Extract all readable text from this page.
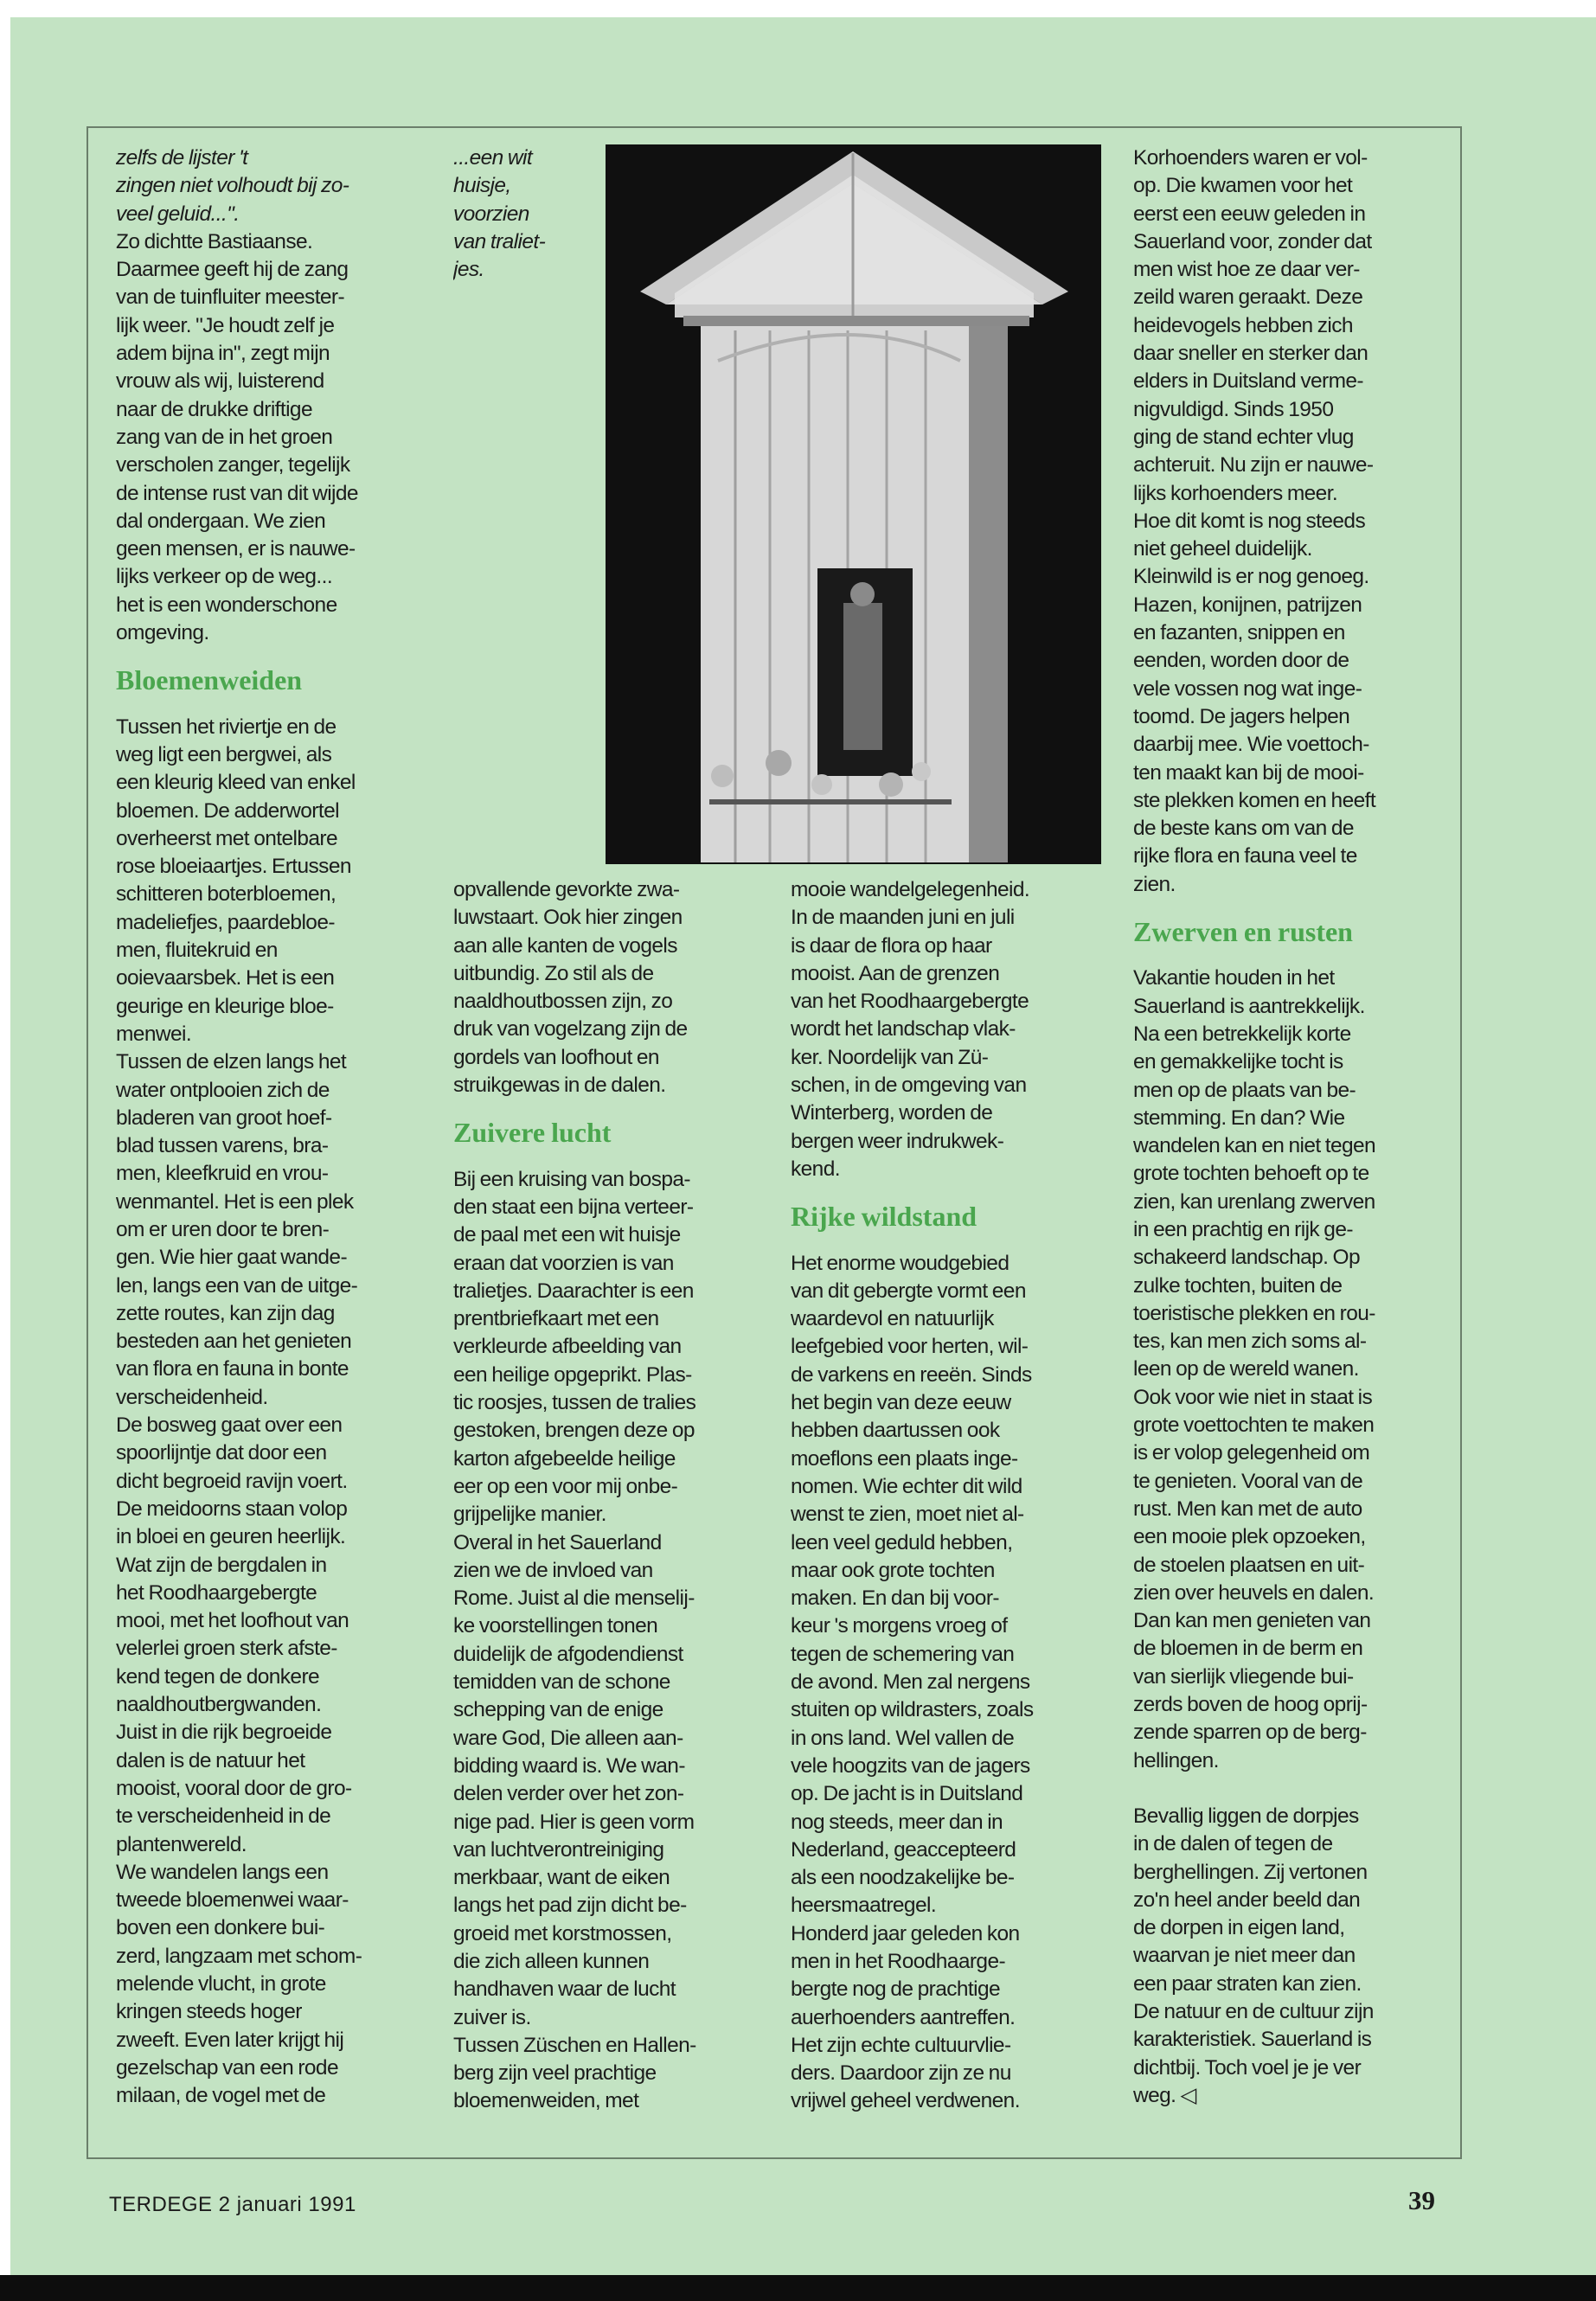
zelfs de lijster 't

zingen niet volhoudt bij zo-

veel geluid...".

Zo dichtte Bastiaanse.

Daarmee geeft hij de zang

van de tuinfluiter meester-

lijk weer. "Je houdt zelf je

adem bijna in", zegt mijn

vrouw als wij, luisterend

naar de drukke driftige

zang van de in het groen

verscholen zanger, tegelijk

de intense rust van dit wijde

dal ondergaan. We zien

geen mensen, er is nauwe-

lijks verkeer op de weg...

het is een wonderschone

omgeving.

Bloemenweiden

Tussen het riviertje en de

weg ligt een bergwei, als

een kleurig kleed van enkel

bloemen. De adderwortel

overheerst met ontelbare

rose bloeiaartjes. Ertussen

schitteren boterbloemen,

madeliefjes, paardebloe-

men, fluitekruid en

ooievaarsbek. Het is een

geurige en kleurige bloe-

menwei.

Tussen de elzen langs het

water ontplooien zich de

bladeren van groot hoef-

blad tussen varens, bra-

men, kleefkruid en vrou-

wenmantel. Het is een plek

om er uren door te bren-

gen. Wie hier gaat wande-

len, langs een van de uitge-

zette routes, kan zijn dag

besteden aan het genieten

van flora en fauna in bonte

verscheidenheid.

De bosweg gaat over een

spoorlijntje dat door een

dicht begroeid ravijn voert.

De meidoorns staan volop

in bloei en geuren heerlijk.

Wat zijn de bergdalen in

het Roodhaargebergte

mooi, met het loofhout van

velerlei groen sterk afste-

kend tegen de donkere

naaldhoutbergwanden.

Juist in die rijk begroeide

dalen is de natuur het

mooist, vooral door de gro-

te verscheidenheid in de

plantenwereld.

We wandelen langs een

tweede bloemenwei waar-

boven een donkere bui-

zerd, langzaam met schom-

melende vlucht, in grote

kringen steeds hoger

zweeft. Even later krijgt hij

gezelschap van een rode

milaan, de vogel met de

...een wit

huisje,

voorzien

van traliet-

jes.

opvallende gevorkte zwa-

luwstaart. Ook hier zingen

aan alle kanten de vogels

uitbundig. Zo stil als de

naaldhoutbossen zijn, zo

druk van vogelzang zijn de

gordels van loofhout en

struikgewas in de dalen.

Zuivere lucht

Bij een kruising van bospa-

den staat een bijna verteer-

de paal met een wit huisje

eraan dat voorzien is van

tralietjes. Daarachter is een

prentbriefkaart met een

verkleurde afbeelding van

een heilige opgeprikt. Plas-

tic roosjes, tussen de tralies

gestoken, brengen deze op

karton afgebeelde heilige

eer op een voor mij onbe-

grijpelijke manier.

Overal in het Sauerland

zien we de invloed van

Rome. Juist al die menselij-

ke voorstellingen tonen

duidelijk de afgodendienst

temidden van de schone

schepping van de enige

ware God, Die alleen aan-

bidding waard is. We wan-

delen verder over het zon-

nige pad. Hier is geen vorm

van luchtverontreiniging

merkbaar, want de eiken

langs het pad zijn dicht be-

groeid met korstmossen,

die zich alleen kunnen

handhaven waar de lucht

zuiver is.

Tussen Züschen en Hallen-

berg zijn veel prachtige

bloemenweiden, met

mooie wandelgelegenheid.

In de maanden juni en juli

is daar de flora op haar

mooist. Aan de grenzen

van het Roodhaargebergte

wordt het landschap vlak-

ker. Noordelijk van Zü-

schen, in de omgeving van

Winterberg, worden de

bergen weer indrukwek-

kend.

Rijke wildstand

Het enorme woudgebied

van dit gebergte vormt een

waardevol en natuurlijk

leefgebied voor herten, wil-

de varkens en reeën. Sinds

het begin van deze eeuw

hebben daartussen ook

moeflons een plaats inge-

nomen. Wie echter dit wild

wenst te zien, moet niet al-

leen veel geduld hebben,

maar ook grote tochten

maken. En dan bij voor-

keur 's morgens vroeg of

tegen de schemering van

de avond. Men zal nergens

stuiten op wildrasters, zoals

in ons land. Wel vallen de

vele hoogzits van de jagers

op. De jacht is in Duitsland

nog steeds, meer dan in

Nederland, geaccepteerd

als een noodzakelijke be-

heersmaatregel.

Honderd jaar geleden kon

men in het Roodhaarge-

bergte nog de prachtige

auerhoenders aantreffen.

Het zijn echte cultuurvlie-

ders. Daardoor zijn ze nu

vrijwel geheel verdwenen.

Korhoenders waren er vol-

op. Die kwamen voor het

eerst een eeuw geleden in

Sauerland voor, zonder dat

men wist hoe ze daar ver-

zeild waren geraakt. Deze

heidevogels hebben zich

daar sneller en sterker dan

elders in Duitsland verme-

nigvuldigd. Sinds 1950

ging de stand echter vlug

achteruit. Nu zijn er nauwe-

lijks korhoenders meer.

Hoe dit komt is nog steeds

niet geheel duidelijk.

Kleinwild is er nog genoeg.

Hazen, konijnen, patrijzen

en fazanten, snippen en

eenden, worden door de

vele vossen nog wat inge-

toomd. De jagers helpen

daarbij mee. Wie voettoch-

ten maakt kan bij de mooi-

ste plekken komen en heeft

de beste kans om van de

rijke flora en fauna veel te

zien.

Zwerven en rusten

Vakantie houden in het

Sauerland is aantrekkelijk.

Na een betrekkelijk korte

en gemakkelijke tocht is

men op de plaats van be-

stemming. En dan? Wie

wandelen kan en niet tegen

grote tochten behoeft op te

zien, kan urenlang zwerven

in een prachtig en rijk ge-

schakeerd landschap. Op

zulke tochten, buiten de

toeristische plekken en rou-

tes, kan men zich soms al-

leen op de wereld wanen.

Ook voor wie niet in staat is

grote voettochten te maken

is er volop gelegenheid om

te genieten. Vooral van de

rust. Men kan met de auto

een mooie plek opzoeken,

de stoelen plaatsen en uit-

zien over heuvels en dalen.

Dan kan men genieten van

de bloemen in de berm en

van sierlijk vliegende bui-

zerds boven de hoog oprij-

zende sparren op de berg-

hellingen.

Bevallig liggen de dorpjes

in de dalen of tegen de

berghellingen. Zij vertonen

zo'n heel ander beeld dan

de dorpen in eigen land,

waarvan je niet meer dan

een paar straten kan zien.

De natuur en de cultuur zijn

karakteristiek. Sauerland is

dichtbij. Toch voel je je ver

weg. ◁

TERDEGE 2 januari 1991	39
